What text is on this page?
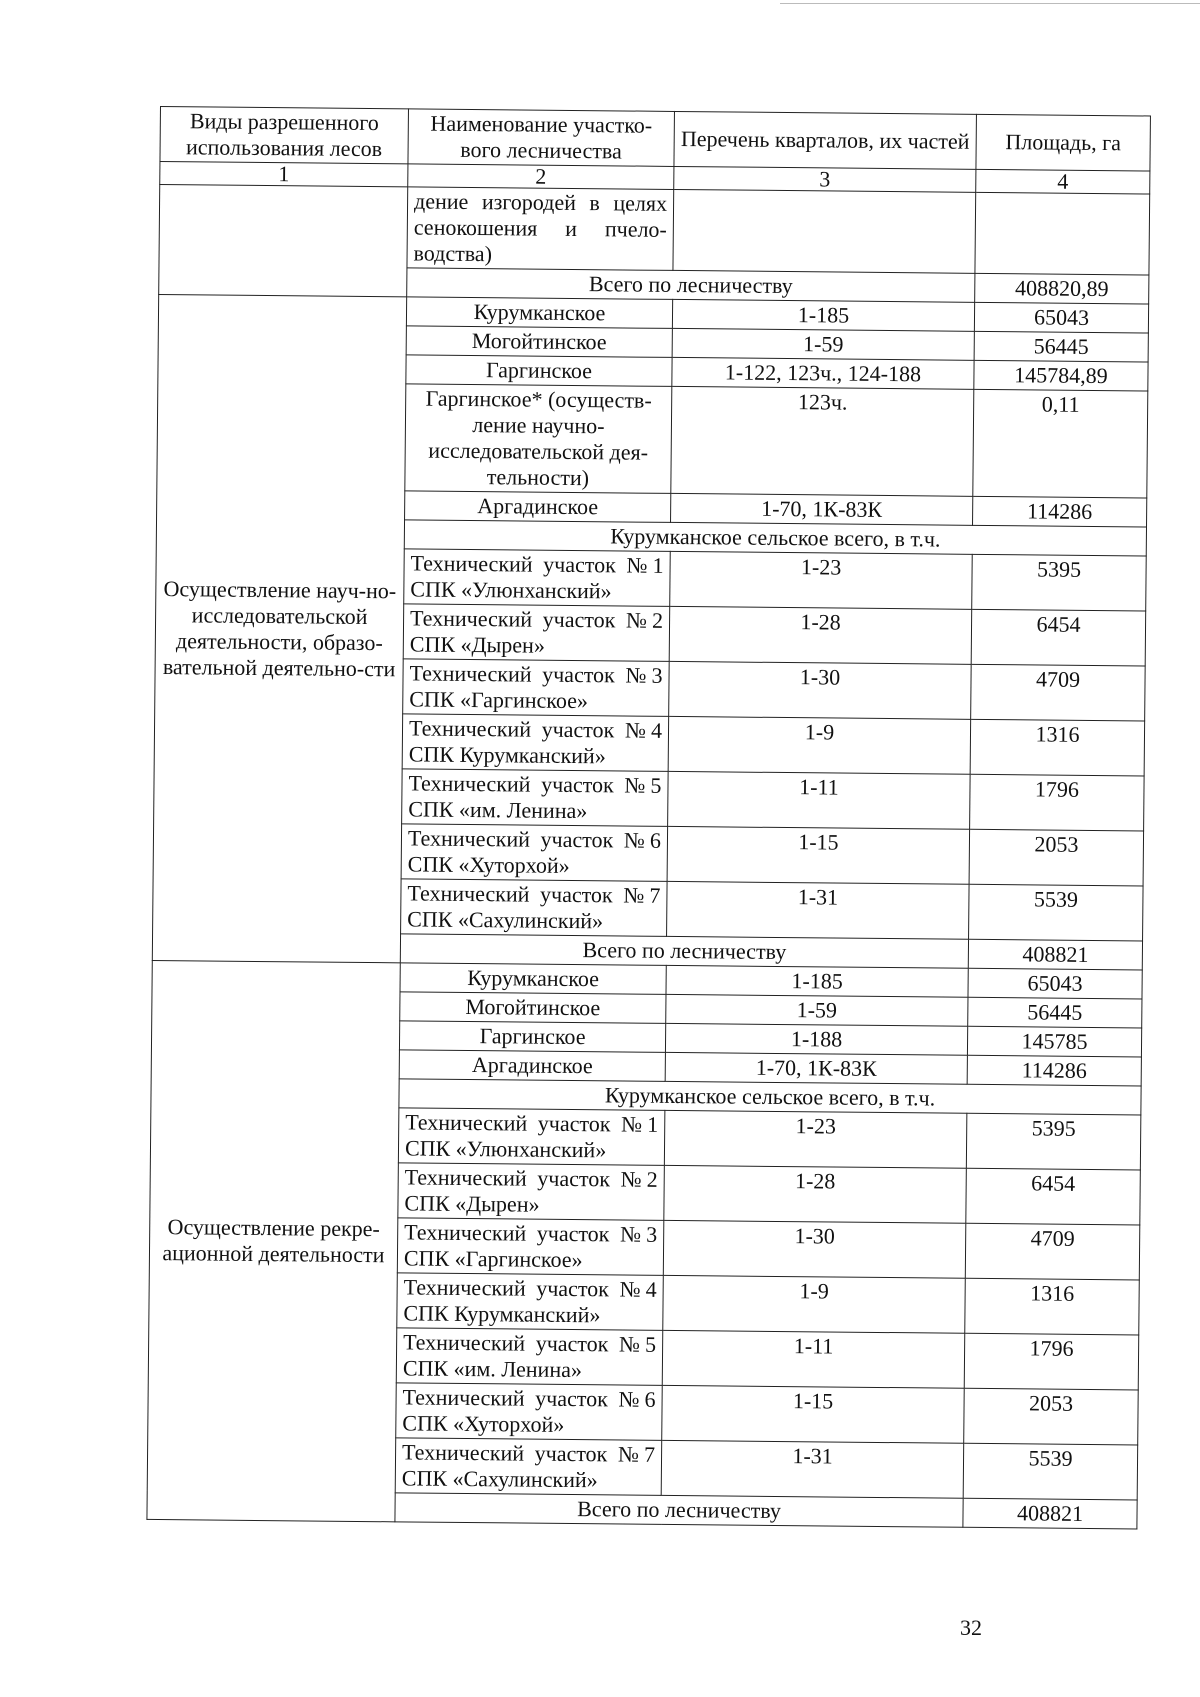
Виды разрешенного использования лесов	Наименование участко-вого лесничества	Перечень кварталов, их частей	Площадь, га
1	2	3	4
	дение изгородей в целях сенокошения и пчело-водства)		
	Всего по лесничеству		408820,89
Осуществление науч-но-исследовательской деятельности, образо-вательной деятельно-сти	Курумканское	1-185	65043
	Могойтинское	1-59	56445
	Гаргинское	1-122, 123ч., 124-188	145784,89
	Гаргинское* (осуществ-ление научно-исследовательской дея-тельности)	123ч.	0,11
	Аргадинское	1-70, 1К-83К	114286
	Курумканское сельское всего, в т.ч.		
	Технический участок №1 СПК «Улюнханский»	1-23	5395
	Технический участок №2 СПК «Дырен»	1-28	6454
	Технический участок №3 СПК «Гаргинское»	1-30	4709
	Технический участок №4 СПК Курумканский»	1-9	1316
	Технический участок №5 СПК «им. Ленина»	1-11	1796
	Технический участок №6 СПК «Хуторхой»	1-15	2053
	Технический участок №7 СПК «Сахулинский»	1-31	5539
	Всего по лесничеству		408821
Осуществление рекре-ационной деятельности	Курумканское	1-185	65043
	Могойтинское	1-59	56445
	Гаргинское	1-188	145785
	Аргадинское	1-70, 1К-83К	114286
	Курумканское сельское всего, в т.ч.		
	Технический участок №1 СПК «Улюнханский»	1-23	5395
	Технический участок №2 СПК «Дырен»	1-28	6454
	Технический участок №3 СПК «Гаргинское»	1-30	4709
	Технический участок №4 СПК Курумканский»	1-9	1316
	Технический участок №5 СПК «им. Ленина»	1-11	1796
	Технический участок №6 СПК «Хуторхой»	1-15	2053
	Технический участок №7 СПК «Сахулинский»	1-31	5539
	Всего по лесничеству		408821
32
